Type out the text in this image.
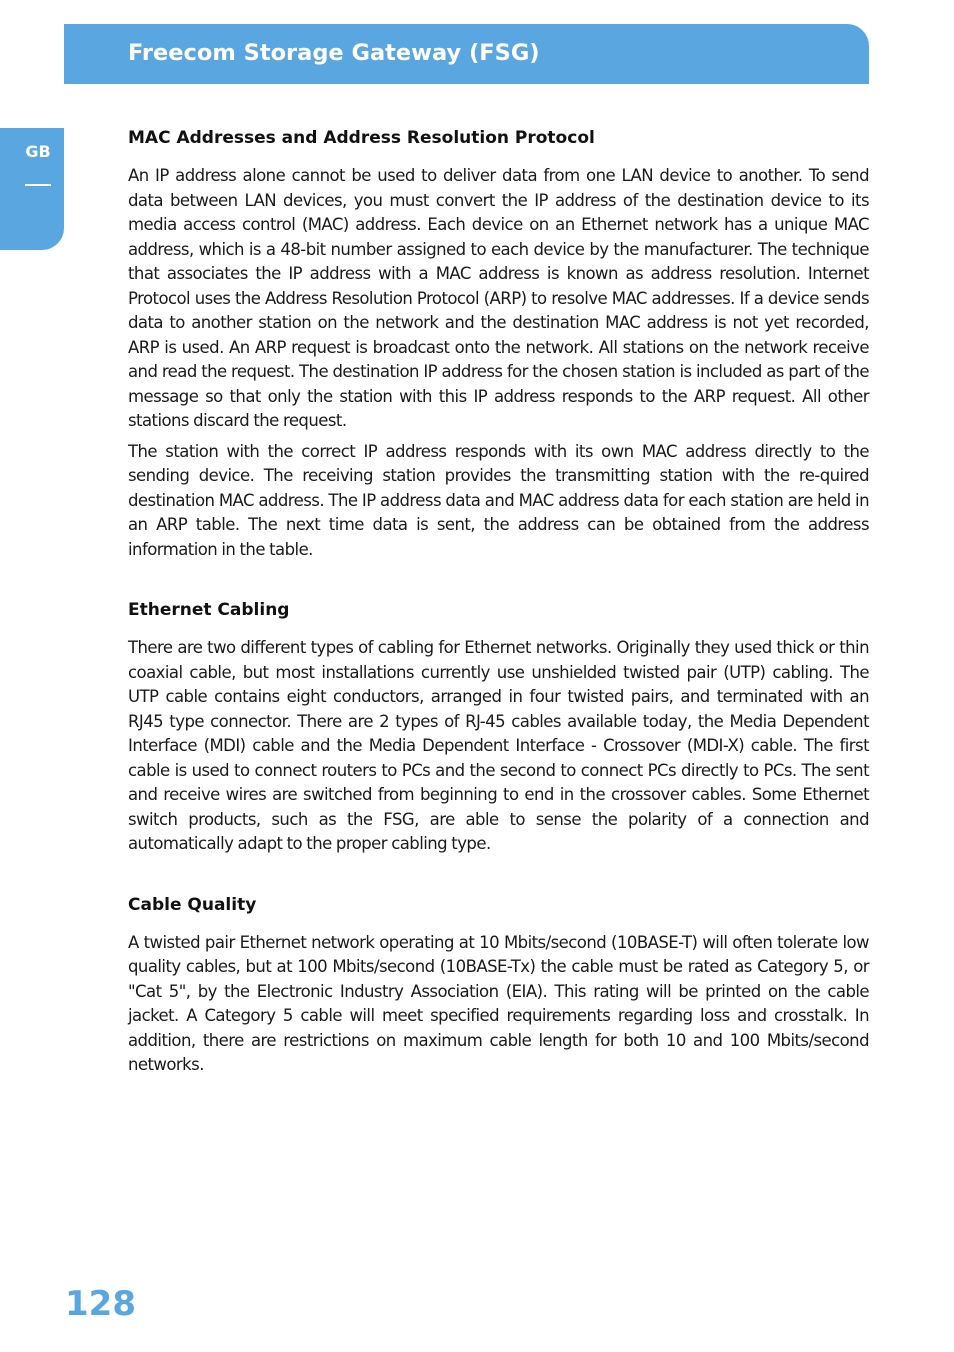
Freecom Storage Gateway (FSG)
GB
MAC Addresses and Address Resolution Protocol

An IP address alone cannot be used to deliver data from one LAN device to another. To send data between LAN devices, you must convert the IP address of the destination device to its media access control (MAC) address. Each device on an Ethernet network has a unique MAC address, which is a 48-bit number assigned to each device by the manufacturer. The technique that associates the IP address with a MAC address is known as address resolution. Internet Protocol uses the Address Resolution Protocol (ARP) to resolve MAC addresses. If a device sends data to another station on the network and the destination MAC address is not yet recorded, ARP is used. An ARP request is broadcast onto the network. All stations on the network receive and read the request. The destination IP address for the chosen station is included as part of the message so that only the station with this IP address responds to the ARP request. All other stations discard the request.

The station with the correct IP address responds with its own MAC address directly to the sending device. The receiving station provides the transmitting station with the re-quired destination MAC address. The IP address data and MAC address data for each station are held in an ARP table. The next time data is sent, the address can be obtained from the address information in the table.

Ethernet Cabling

There are two different types of cabling for Ethernet networks. Originally they used thick or thin coaxial cable, but most installations currently use unshielded twisted pair (UTP) cabling. The UTP cable contains eight conductors, arranged in four twisted pairs, and terminated with an RJ45 type connector. There are 2 types of RJ-45 cables available today, the Media Dependent Interface (MDI) cable and the Media Dependent Interface - Crossover (MDI-X) cable. The first cable is used to connect routers to PCs and the second to connect PCs directly to PCs. The sent and receive wires are switched from beginning to end in the crossover cables. Some Ethernet switch products, such as the FSG, are able to sense the polarity of a connection and automatically adapt to the proper cabling type.

Cable Quality

A twisted pair Ethernet network operating at 10 Mbits/second (10BASE-T) will often tolerate low quality cables, but at 100 Mbits/second (10BASE-Tx) the cable must be rated as Category 5, or "Cat 5", by the Electronic Industry Association (EIA). This rating will be printed on the cable jacket. A Category 5 cable will meet specified requirements regarding loss and crosstalk. In addition, there are restrictions on maximum cable length for both 10 and 100 Mbits/second networks.

128
